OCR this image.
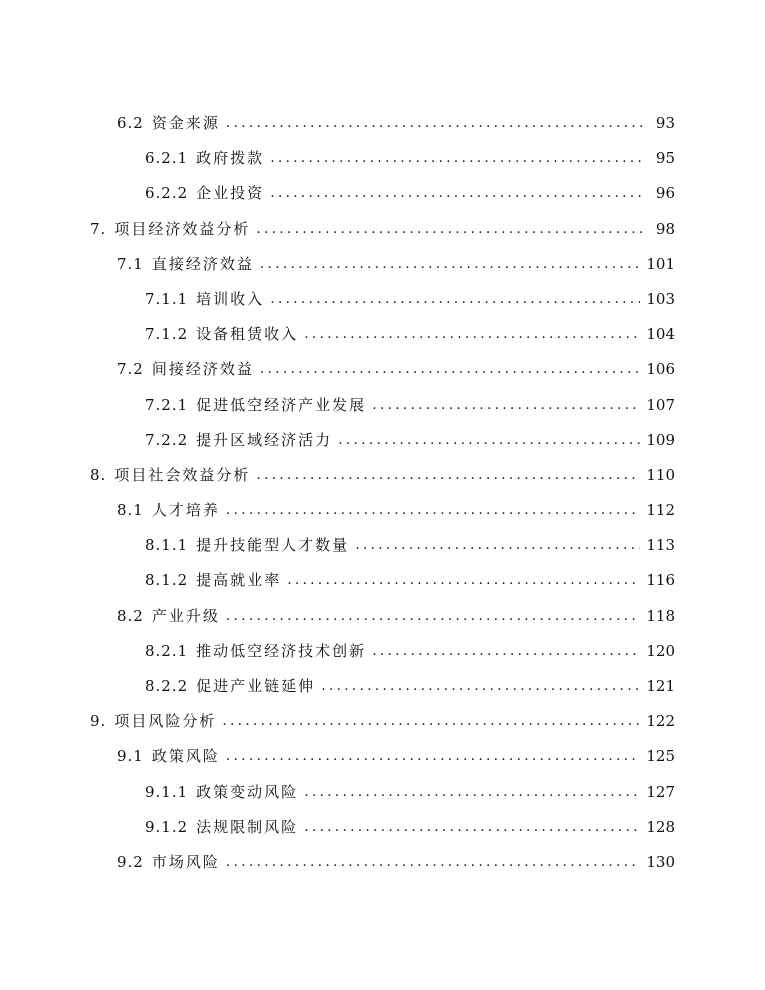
6.2 资金来源 .....	93
6.2.1 政府拨款 .....	95
6.2.2 企业投资 .....	96
7. 项目经济效益分析 .....	98
7.1 直接经济效益 .....	101
7.1.1 培训收入 .....	103
7.1.2 设备租赁收入 .....	104
7.2 间接经济效益 .....	106
7.2.1 促进低空经济产业发展 .....	107
7.2.2 提升区域经济活力 .....	109
8. 项目社会效益分析 .....	110
8.1 人才培养 .....	112
8.1.1 提升技能型人才数量 .....	113
8.1.2 提高就业率 .....	116
8.2 产业升级 .....	118
8.2.1 推动低空经济技术创新 .....	120
8.2.2 促进产业链延伸 .....	121
9. 项目风险分析 .....	122
9.1 政策风险 .....	125
9.1.1 政策变动风险 .....	127
9.1.2 法规限制风险 .....	128
9.2 市场风险 .....	130
